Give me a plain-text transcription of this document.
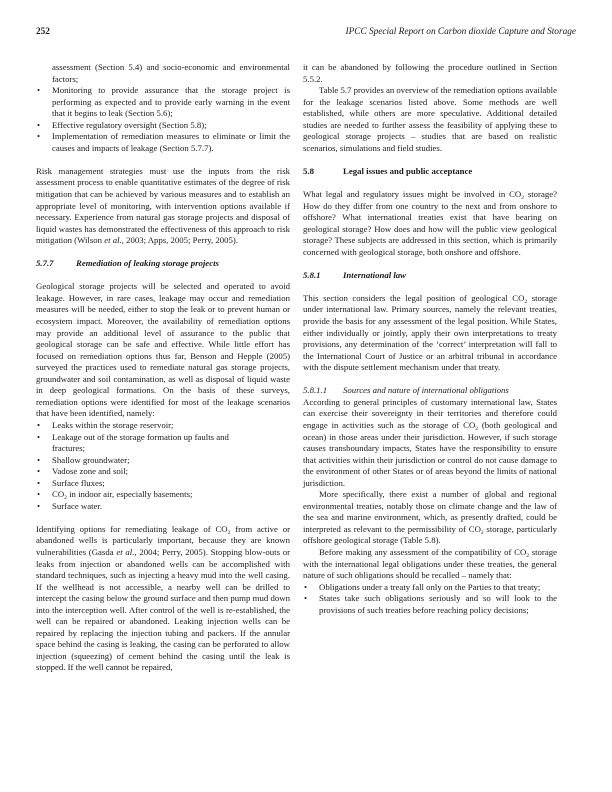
252	IPCC Special Report on Carbon dioxide Capture and Storage
assessment (Section 5.4) and socio-economic and environmental factors;
• Monitoring to provide assurance that the storage project is performing as expected and to provide early warning in the event that it begins to leak (Section 5.6);
• Effective regulatory oversight (Section 5.8);
• Implementation of remediation measures to eliminate or limit the causes and impacts of leakage (Section 5.7.7).

Risk management strategies must use the inputs from the risk assessment process to enable quantitative estimates of the degree of risk mitigation that can be achieved by various measures and to establish an appropriate level of monitoring, with intervention options available if necessary. Experience from natural gas storage projects and disposal of liquid wastes has demonstrated the effectiveness of this approach to risk mitigation (Wilson et al., 2003; Apps, 2005; Perry, 2005).

5.7.7	Remediation of leaking storage projects

Geological storage projects will be selected and operated to avoid leakage. However, in rare cases, leakage may occur and remediation measures will be needed, either to stop the leak or to prevent human or ecosystem impact. Moreover, the availability of remediation options may provide an additional level of assurance to the public that geological storage can be safe and effective. While little effort has focused on remediation options thus far, Benson and Hepple (2005) surveyed the practices used to remediate natural gas storage projects, groundwater and soil contamination, as well as disposal of liquid waste in deep geological formations. On the basis of these surveys, remediation options were identified for most of the leakage scenarios that have been identified, namely:

• Leaks within the storage reservoir;
• Leakage out of the storage formation up faults and
fractures;
• Shallow groundwater;
• Vadose zone and soil;
• Surface fluxes;
• $CO_2$ in indoor air, especially basements;
• Surface water.

Identifying options for remediating leakage of $CO_2$ from active or abandoned wells is particularly important, because they are known vulnerabilities (Gasda et al., 2004; Perry, 2005). Stopping blow-outs or leaks from injection or abandoned wells can be accomplished with standard techniques, such as injecting a heavy mud into the well casing. If the wellhead is not accessible, a nearby well can be drilled to intercept the casing below the ground surface and then pump mud down into the interception well. After control of the well is re-established, the well can be repaired or abandoned. Leaking injection wells can be repaired by replacing the injection tubing and packers. If the annular space behind the casing is leaking, the casing can be perforated to allow injection (squeezing) of cement behind the casing until the leak is stopped. If the well cannot be repaired,

it can be abandoned by following the procedure outlined in Section 5.5.2.

Table 5.7 provides an overview of the remediation options available for the leakage scenarios listed above. Some methods are well established, while others are more speculative. Additional detailed studies are needed to further assess the feasibility of applying these to geological storage projects – studies that are based on realistic scenarios, simulations and field studies.

5.8	Legal issues and public acceptance

What legal and regulatory issues might be involved in $CO_2$ storage? How do they differ from one country to the next and from onshore to offshore? What international treaties exist that have bearing on geological storage? How does and how will the public view geological storage? These subjects are addressed in this section, which is primarily concerned with geological storage, both onshore and offshore.

5.8.1	International law

This section considers the legal position of geological $CO_2$ storage under international law. Primary sources, namely the relevant treaties, provide the basis for any assessment of the legal position. While States, either individually or jointly, apply their own interpretations to treaty provisions, any determination of the ‘correct’ interpretation will fall to the International Court of Justice or an arbitral tribunal in accordance with the dispute settlement mechanism under that treaty.

5.8.1.1 Sources and nature of international obligations

According to general principles of customary international law, States can exercise their sovereignty in their territories and therefore could engage in activities such as the storage of $CO_2$ (both geological and ocean) in those areas under their jurisdiction. However, if such storage causes transboundary impacts, States have the responsibility to ensure that activities within their jurisdiction or control do not cause damage to the environment of other States or of areas beyond the limits of national jurisdiction.

More specifically, there exist a number of global and regional environmental treaties, notably those on climate change and the law of the sea and marine environment, which, as presently drafted, could be interpreted as relevant to the permissibility of $CO_2$ storage, particularly offshore geological storage (Table 5.8).

Before making any assessment of the compatibility of $CO_2$ storage with the international legal obligations under these treaties, the general nature of such obligations should be recalled – namely that:

• Obligations under a treaty fall only on the Parties to that treaty;
• States take such obligations seriously and so will look to the provisions of such treaties before reaching policy decisions;
